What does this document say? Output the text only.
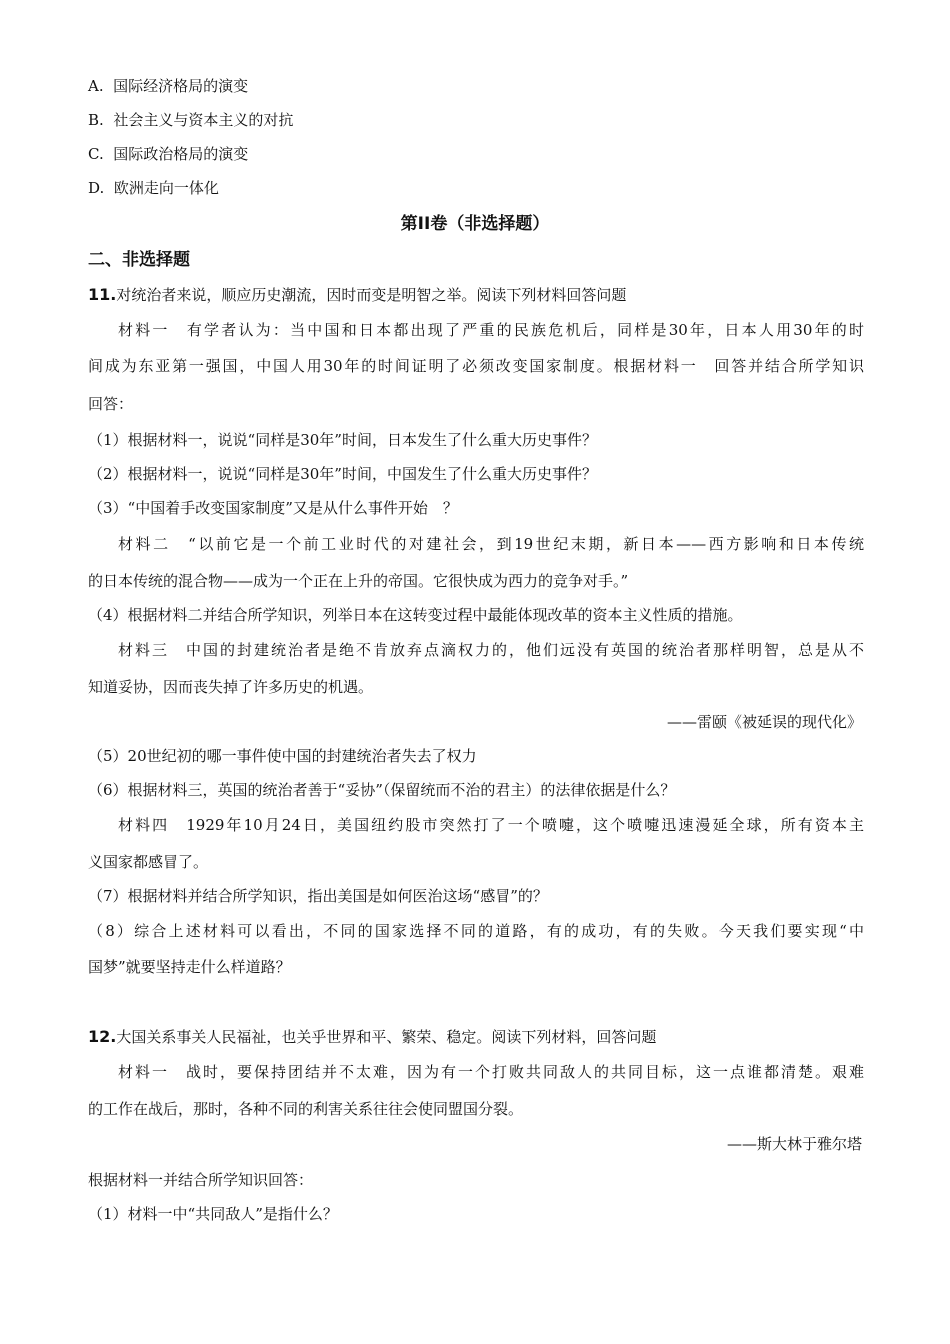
A. 国际经济格局的演变
B. 社会主义与资本主义的对抗
C. 国际政治格局的演变
D. 欧洲走向一体化
第II卷（非选择题）
二、非选择题
11.对统治者来说，顺应历史潮流，因时而变是明智之举。阅读下列材料回答问题
材料一　有学者认为：当中国和日本都出现了严重的民族危机后，同样是30年，日本人用30年的时
间成为东亚第一强国，中国人用30年的时间证明了必须改变国家制度。根据材料一　回答并结合所学知识
回答：
（1）根据材料一，说说“同样是30年”时间，日本发生了什么重大历史事件？
（2）根据材料一，说说“同样是30年”时间，中国发生了什么重大历史事件？
（3）“中国着手改变国家制度”又是从什么事件开始　？
材料二　“以前它是一个前工业时代的对建社会，到19世纪末期，新日本——西方影响和日本传统
的日本传统的混合物——成为一个正在上升的帝国。它很快成为西力的竞争对手。”
（4）根据材料二并结合所学知识，列举日本在这转变过程中最能体现改革的资本主义性质的措施。
材料三　中国的封建统治者是绝不肯放弃点滴权力的，他们远没有英国的统治者那样明智，总是从不
知道妥协，因而丧失掉了许多历史的机遇。
——雷颐《被延误的现代化》
（5）20世纪初的哪一事件使中国的封建统治者失去了权力
（6）根据材料三，英国的统治者善于“妥协”（保留统而不治的君主）的法律依据是什么？
材料四　1929年10月24日，美国纽约股市突然打了一个喷嚏，这个喷嚏迅速漫延全球，所有资本主
义国家都感冒了。
（7）根据材料并结合所学知识，指出美国是如何医治这场“感冒”的？
（8）综合上述材料可以看出，不同的国家选择不同的道路，有的成功，有的失败。今天我们要实现“中
国梦”就要坚持走什么样道路？
12.大国关系事关人民福祉，也关乎世界和平、繁荣、稳定。阅读下列材料，回答问题
材料一　战时，要保持团结并不太难，因为有一个打败共同敌人的共同目标，这一点谁都清楚。艰难
的工作在战后，那时，各种不同的利害关系往往会使同盟国分裂。
——斯大林于雅尔塔
根据材料一并结合所学知识回答：
（1）材料一中“共同敌人”是指什么？
